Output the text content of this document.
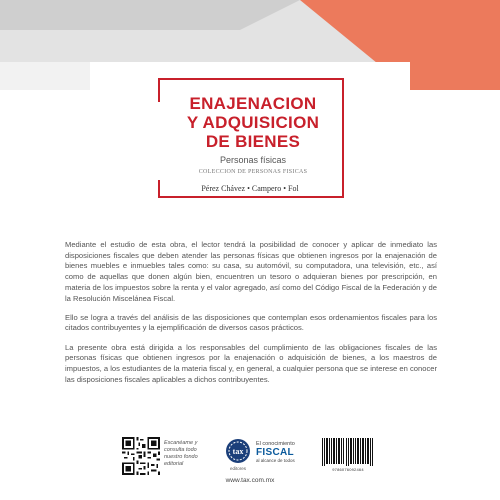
ENAJENACION
Y ADQUISICION
DE BIENES
Personas físicas
COLECCION DE PERSONAS FISICAS
Pérez Chávez • Campero • Fol

Mediante el estudio de esta obra, el lector tendrá la posibilidad de conocer y aplicar de inmediato las disposiciones fiscales que deben atender las personas físicas que obtienen ingresos por la enajenación de bienes muebles e inmuebles tales como: su casa, su automóvil, su computadora, una televisión, etc., así como de aquellas que donen algún bien, encuentren un tesoro o adquieran bienes por prescripción, en materia de los impuestos sobre la renta y el valor agregado, así como del Código Fiscal de la Federación y de la Resolución Miscelánea Fiscal.

Ello se logra a través del análisis de las disposiciones que contemplan esos ordenamientos fiscales para los citados contribuyentes y la ejemplificación de diversos casos prácticos.

La presente obra está dirigida a los responsables del cumplimiento de las obligaciones fiscales de las personas físicas que obtienen ingresos por la enajenación o adquisición de bienes, a los maestros de impuestos, a los estudiantes de la materia fiscal y, en general, a cualquier persona que se interese en conocer las disposiciones fiscales aplicables a dichos contribuyentes.

Escanéame y consulta todo nuestro fondo editorial
tax
editores
El conocimiento
FISCAL
al alcance de todos
9786076092464
www.tax.com.mx
